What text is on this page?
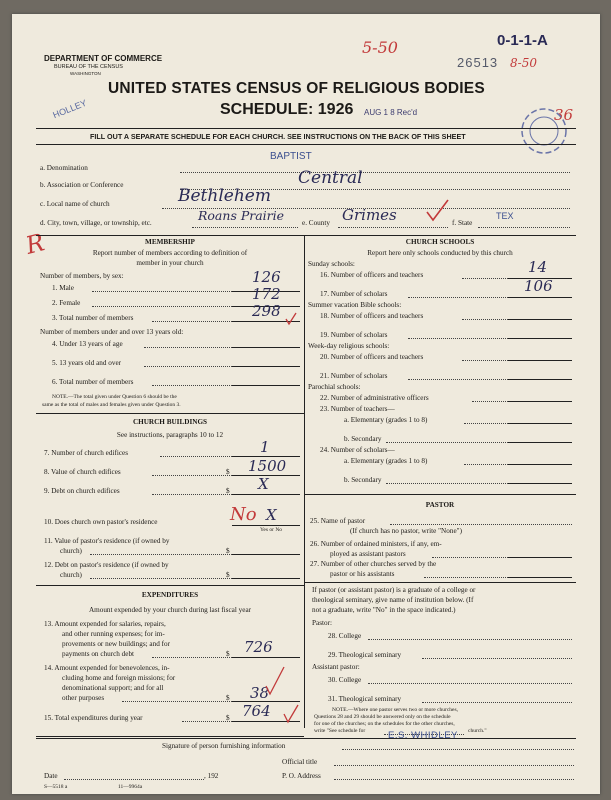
DEPARTMENT OF COMMERCE
BUREAU OF THE CENSUS
WASHINGTON
5-50	0-1-1-A
26513 8-50
36
HOLLEY
UNITED STATES CENSUS OF RELIGIOUS BODIES
SCHEDULE: 1926 AUG 1 8 Rec'd
FILL OUT A SEPARATE SCHEDULE FOR EACH CHURCH. SEE INSTRUCTIONS ON THE BACK OF THIS SHEET
a. Denomination
BAPTIST
b. Association or Conference	Central
c. Local name of church	Bethlehem
d. City, town, village, or township, etc.	Roans Prairie e. County Grimes	f. State
TEX
R	MEMBERSHIP
Report number of members according to definition of
member in your church
Number of members, by sex:
1. Male
126
2. Female	172
3. Total number of members	298
Number of members under and over 13 years old:
4. Under 13 years of age
5. 13 years old and over
6. Total number of members
NOTE.—The total given under Question 6 should be the
same as the total of males and females given under Question 3.
CHURCH BUILDINGS
See instructions, paragraphs 10 to 12
7. Number of church edifices	1
8. Value of church edifices	$ 1500
9. Debt on church edifices	$ X
10. Does church own pastor's residence	No X
Yes or No
11. Value of pastor's residence (if owned by
church)	$
12. Debt on pastor's residence (if owned by
church)	$
EXPENDITURES
Amount expended by your church during last fiscal year
13. Amount expended for salaries, repairs,
and other running expenses; for im-
provements or new buildings; and for
payments on church debt	$ 726
14. Amount expended for benevolences, in-
cluding home and foreign missions; for
denominational support; and for all
other purposes	$ 38
15. Total expenditures during year	$ 764
CHURCH SCHOOLS
Report here only schools conducted by this church
Sunday schools:
16. Number of officers and teachers	14
17. Number of scholars	106
Summer vacation Bible schools:
18. Number of officers and teachers
19. Number of scholars
Week-day religious schools:
20. Number of officers and teachers
21. Number of scholars
Parochial schools:
22. Number of administrative officers
23. Number of teachers—
a. Elementary (grades 1 to 8)
b. Secondary
24. Number of scholars—
a. Elementary (grades 1 to 8)
b. Secondary
PASTOR
25. Name of pastor
(If church has no pastor, write "None")
26. Number of ordained ministers, if any, em-
ployed as assistant pastors
27. Number of other churches served by the
pastor or his assistants
If pastor (or assistant pastor) is a graduate of a college or
theological seminary, give name of institution below. (If
not a graduate, write "No" in the space indicated.)
Pastor:
28. College
29. Theological seminary
Assistant pastor:
30. College
31. Theological seminary
NOTE.—Where one pastor serves two or more churches,
Questions 28 and 29 should be answered only on the schedule
for one of the churches; on the schedules for the other churches,
write "See schedule for	church."
Signature of person furnishing information
E.S. WHIDLEY
Official title
Date	, 192	P. O. Address
S—5518 a	11—9964a
